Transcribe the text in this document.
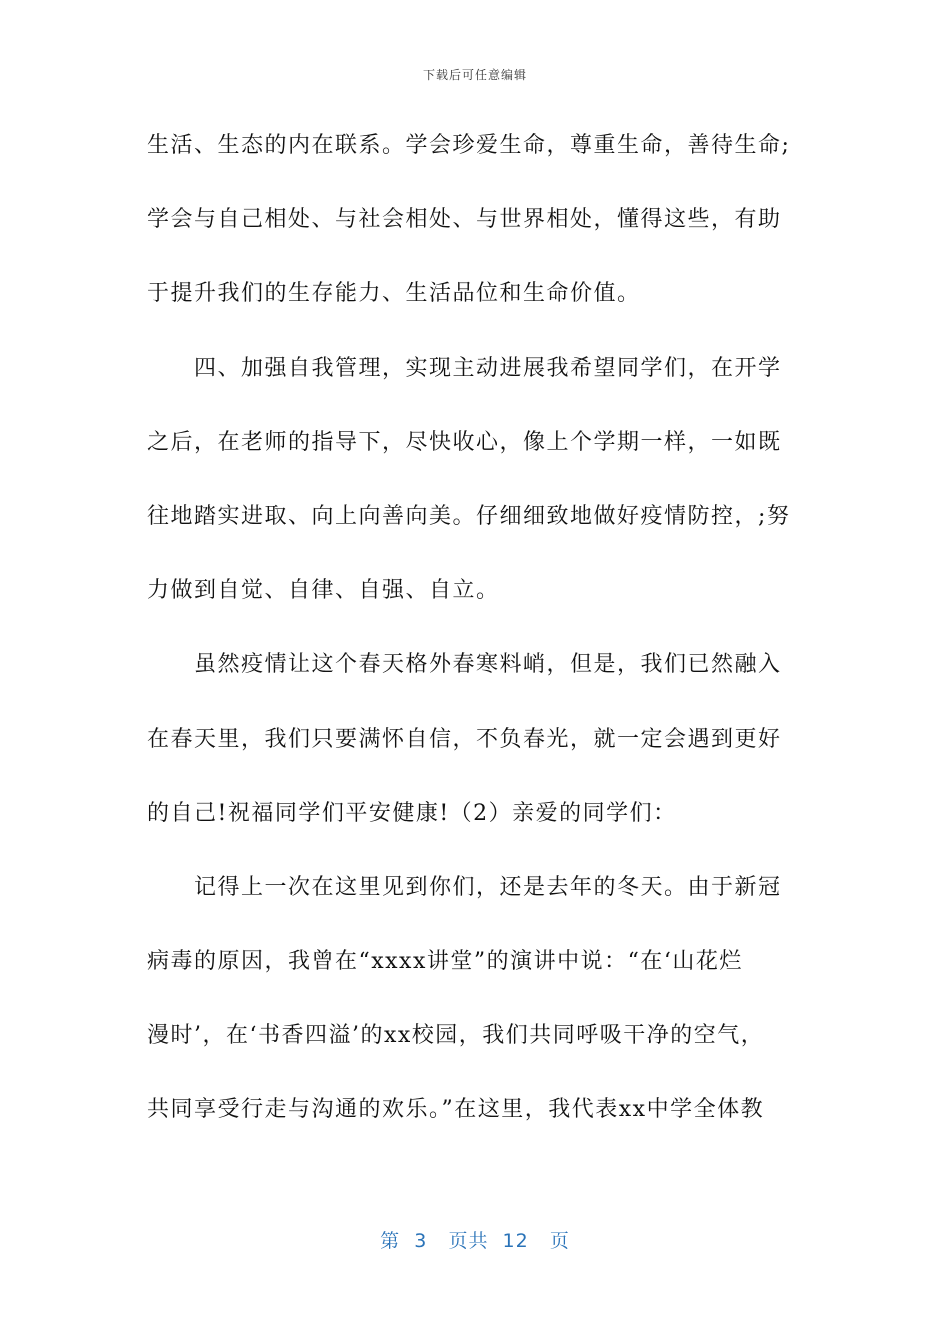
下载后可任意编辑
生活、生态的内在联系。学会珍爱生命，尊重生命，善待生命;
学会与自己相处、与社会相处、与世界相处，懂得这些，有助
于提升我们的生存能力、生活品位和生命价值。
四、加强自我管理，实现主动进展我希望同学们，在开学
之后，在老师的指导下，尽快收心，像上个学期一样，一如既
往地踏实进取、向上向善向美。仔细细致地做好疫情防控，;努
力做到自觉、自律、自强、自立。
虽然疫情让这个春天格外春寒料峭，但是，我们已然融入
在春天里，我们只要满怀自信，不负春光，就一定会遇到更好
的自己!祝福同学们平安健康!（2）亲爱的同学们：
记得上一次在这里见到你们，还是去年的冬天。由于新冠
病毒的原因，我曾在“xxxx讲堂”的演讲中说：“在‘山花烂
漫时’，在‘书香四溢’的xx校园，我们共同呼吸干净的空气，
共同享受行走与沟通的欢乐。”在这里，我代表xx中学全体教
第 3 页共 12 页
